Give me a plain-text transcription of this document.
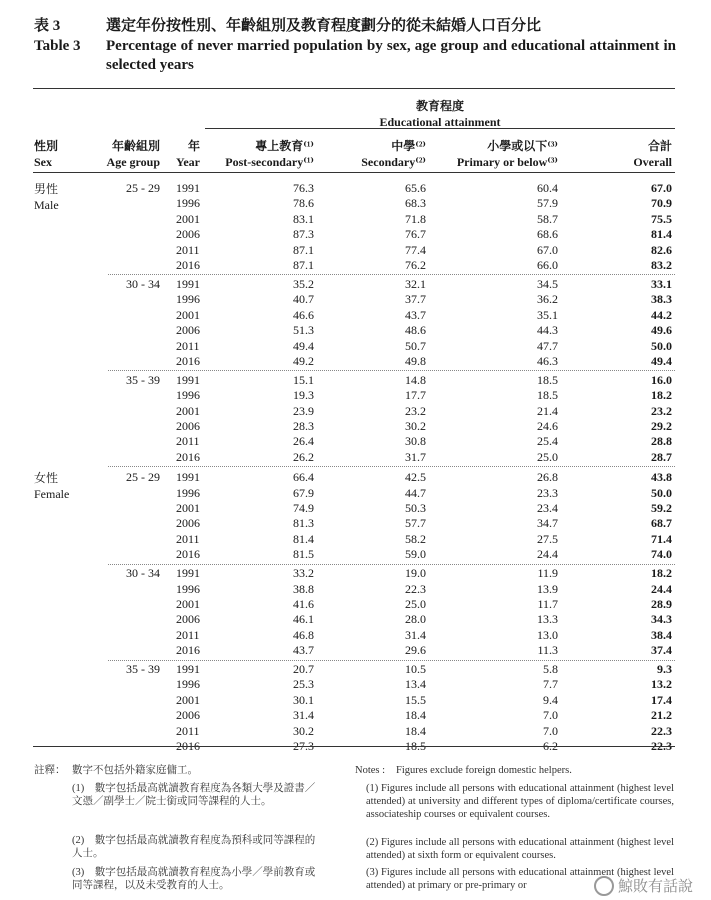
表 3	選定年份按性別、年齡組別及教育程度劃分的從未結婚人口百分比
Table 3 Percentage of never married population by sex, age group and educational attainment in selected years
教育程度
Educational attainment
性別
Sex
年齡組別
Age group
年
Year
專上教育⁽¹⁾
Post-secondary⁽¹⁾
中學⁽²⁾
Secondary⁽²⁾
小學或以下⁽³⁾
Primary or below⁽³⁾
合計
Overall
男性
Male
25 - 29 1991	76.3	65.6	60.4	67.0
1996	78.6	68.3	57.9	70.9
2001	83.1	71.8	58.7	75.5
2006	87.3	76.7	68.6	81.4
2011	87.1	77.4	67.0	82.6
2016	87.1	76.2	66.0	83.2
30 - 34 1991	35.2	32.1	34.5	33.1
1996	40.7	37.7	36.2	38.3
2001	46.6	43.7	35.1	44.2
2006	51.3	48.6	44.3	49.6
2011	49.4	50.7	47.7	50.0
2016	49.2	49.8	46.3	49.4
35 - 39 1991	15.1	14.8	18.5	16.0
1996	19.3	17.7	18.5	18.2
2001	23.9	23.2	21.4	23.2
2006	28.3	30.2	24.6	29.2
2011	26.4	30.8	25.4	28.8
2016	26.2	31.7	25.0	28.7
女性
Female
25 - 29 1991	66.4	42.5	26.8	43.8
1996	67.9	44.7	23.3	50.0
2001	74.9	50.3	23.4	59.2
2006	81.3	57.7	34.7	68.7
2011	81.4	58.2	27.5	71.4
2016	81.5	59.0	24.4	74.0
30 - 34 1991	33.2	19.0	11.9	18.2
1996	38.8	22.3	13.9	24.4
2001	41.6	25.0	11.7	28.9
2006	46.1	28.0	13.3	34.3
2011	46.8	31.4	13.0	38.4
2016	43.7	29.6	11.3	37.4
35 - 39 1991	20.7	10.5	5.8	9.3
1996	25.3	13.4	7.7	13.2
2001	30.1	15.5	9.4	17.4
2006	31.4	18.4	7.0	21.2
2011	30.2	18.4	7.0	22.3
2016	27.3	18.5	6.2	22.3
註釋： 數字不包括外籍家庭傭工。
(1)　數字包括最高就讀教育程度為各類大學及證書／文憑／副學士／院士銜或同等課程的人士。
(2)　數字包括最高就讀教育程度為預科或同等課程的人士。
(3)　數字包括最高就讀教育程度為小學／學前教育或同等課程，以及未受教育的人士。
Notes : Figures exclude foreign domestic helpers.
(1) Figures include all persons with educational attainment (highest level attended) at university and different types of diploma/certificate courses, associateship courses or equivalent courses.
(2) Figures include all persons with educational attainment (highest level attended) at sixth form or equivalent courses.
(3) Figures include all persons with educational attainment (highest level attended) at primary or pre-primary or	鯨敗有話說
